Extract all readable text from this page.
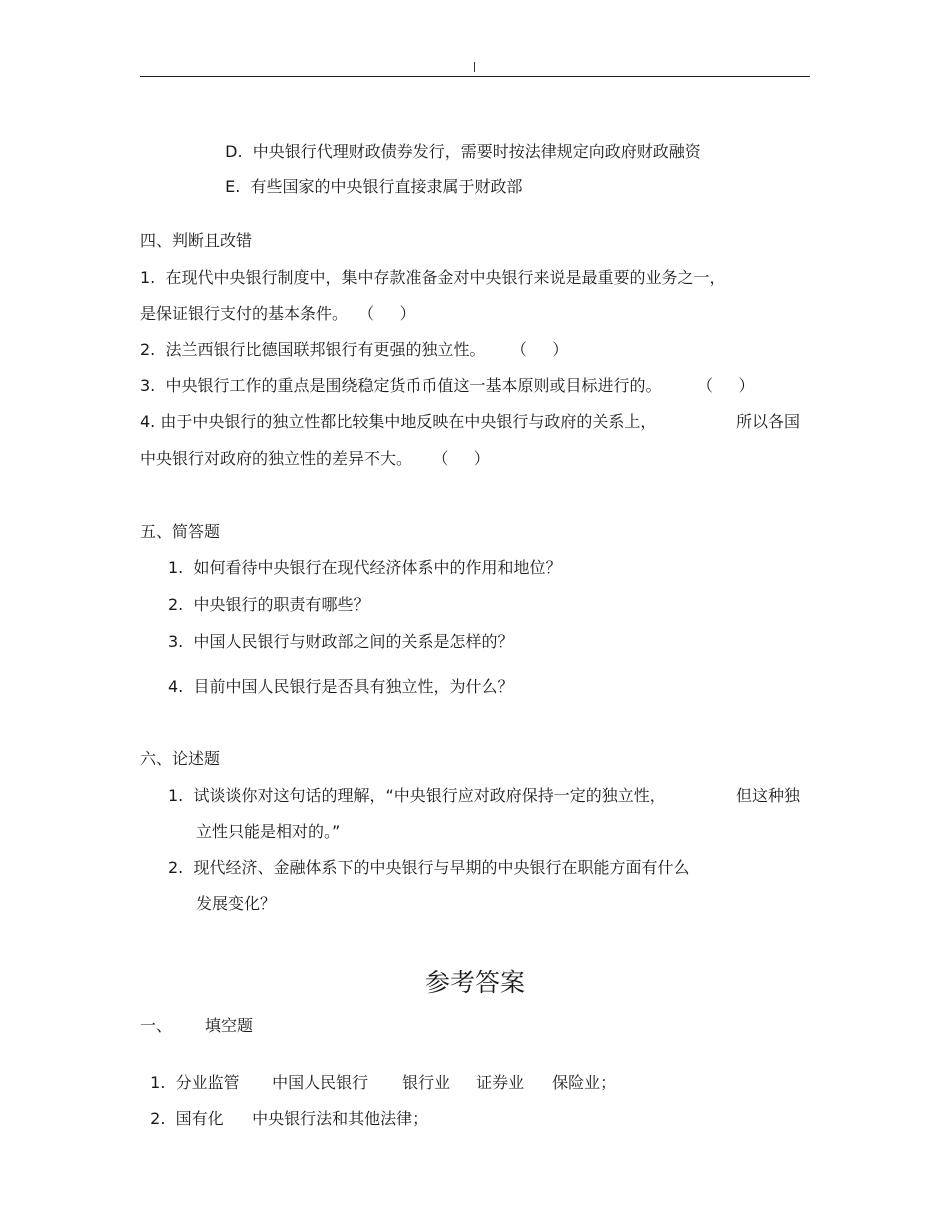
D. 中央银行代理财政债券发行，需要时按法律规定向政府财政融资

E. 有些国家的中央银行直接隶属于财政部

四、判断且改错
1.  在现代中央银行制度中，集中存款准备金对中央银行来说是最重要的业务之一，
是保证银行支付的基本条件。  （     ）
2.  法兰西银行比德国联邦银行有更强的独立性。     （     ）
3.  中央银行工作的重点是围绕稳定货币币值这一基本原则或目标进行的。       （     ）
4. 由于中央银行的独立性都比较集中地反映在中央银行与政府的关系上，	所以各国
中央银行对政府的独立性的差异不大。    （     ）
五、简答题
1.  如何看待中央银行在现代经济体系中的作用和地位？
2.  中央银行的职责有哪些？
3.  中国人民银行与财政部之间的关系是怎样的？
4.  目前中国人民银行是否具有独立性，为什么？
六、论述题
1.  试谈谈你对这句话的理解，“中央银行应对政府保持一定的独立性，	但这种独
立性只能是相对的。”
2.  现代经济、金融体系下的中央银行与早期的中央银行在职能方面有什么
发展变化？
参考答案
一、 填空题

1.  分业监管 中国人民银行 银行业 证券业 保险业；

2.  国有化 中央银行法和其他法律；
